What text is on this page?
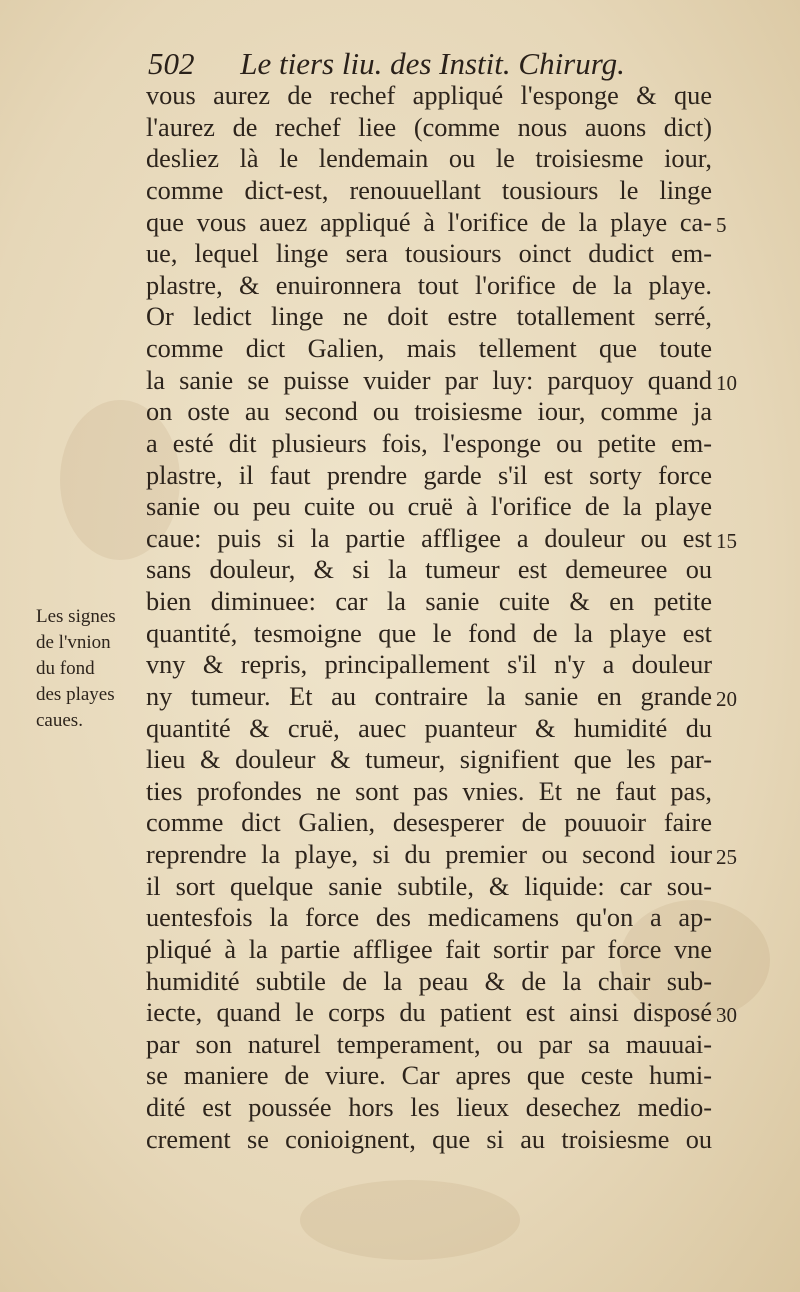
502 Le tiers liu. des Instit. Chirurg.
vous aurez de rechef appliqué l'esponge & que
l'aurez de rechef liee (comme nous auons dict)
desliez là le lendemain ou le troisiesme iour,
comme dict-est, renouuellant tousiours le linge
que vous auez appliqué à l'orifice de la playe ca-
ue, lequel linge sera tousiours oinct dudict em-
plastre, & enuironnera tout l'orifice de la playe.
Or ledict linge ne doit estre totallement serré,
comme dict Galien, mais tellement que toute
la sanie se puisse vuider par luy: parquoy quand
on oste au second ou troisiesme iour, comme ja
a esté dit plusieurs fois, l'esponge ou petite em-
plastre, il faut prendre garde s'il est sorty force
sanie ou peu cuite ou cruë à l'orifice de la playe
caue: puis si la partie affligee a douleur ou est
sans douleur, & si la tumeur est demeuree ou
bien diminuee: car la sanie cuite & en petite
quantité, tesmoigne que le fond de la playe est
vny & repris, principallement s'il n'y a douleur
ny tumeur. Et au contraire la sanie en grande
quantité & cruë, auec puanteur & humidité du
lieu & douleur & tumeur, signifient que les par-
ties profondes ne sont pas vnies. Et ne faut pas,
comme dict Galien, desesperer de pouuoir faire
reprendre la playe, si du premier ou second iour
il sort quelque sanie subtile, & liquide: car sou-
uentesfois la force des medicamens qu'on a ap-
pliqué à la partie affligee fait sortir par force vne
humidité subtile de la peau & de la chair sub-
iecte, quand le corps du patient est ainsi disposé
par son naturel temperament, ou par sa mauuai-
se maniere de viure. Car apres que ceste humi-
dité est poussée hors les lieux desechez medio-
crement se conioignent, que si au troisiesme ou
Les signes
de l'vnion
du fond
des playes
caues.
5
10
15
20
25
30
